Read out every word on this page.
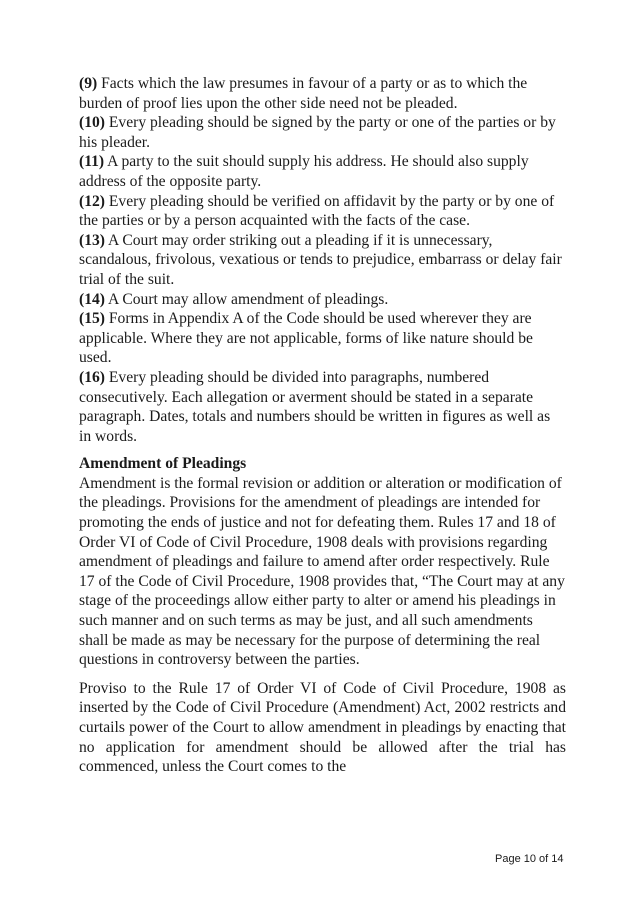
(9) Facts which the law presumes in favour of a party or as to which the burden of proof lies upon the other side need not be pleaded.
(10) Every pleading should be signed by the party or one of the parties or by his pleader.
(11) A party to the suit should supply his address. He should also supply address of the opposite party.
(12) Every pleading should be verified on affidavit by the party or by one of the parties or by a person acquainted with the facts of the case.
(13) A Court may order striking out a pleading if it is unnecessary, scandalous, frivolous, vexatious or tends to prejudice, embarrass or delay fair trial of the suit.
(14) A Court may allow amendment of pleadings.
(15) Forms in Appendix A of the Code should be used wherever they are applicable. Where they are not applicable, forms of like nature should be used.
(16) Every pleading should be divided into paragraphs, numbered consecutively. Each allegation or averment should be stated in a separate paragraph. Dates, totals and numbers should be written in figures as well as in words.
Amendment of Pleadings

Amendment is the formal revision or addition or alteration or modification of the pleadings. Provisions for the amendment of pleadings are intended for promoting the ends of justice and not for defeating them. Rules 17 and 18 of Order VI of Code of Civil Procedure, 1908 deals with provisions regarding amendment of pleadings and failure to amend after order respectively. Rule 17 of the Code of Civil Procedure, 1908 provides that, “The Court may at any stage of the proceedings allow either party to alter or amend his pleadings in such manner and on such terms as may be just, and all such amendments shall be made as may be necessary for the purpose of determining the real questions in controversy between the parties.

Proviso to the Rule 17 of Order VI of Code of Civil Procedure, 1908 as inserted by the Code of Civil Procedure (Amendment) Act, 2002 restricts and curtails power of the Court to allow amendment in pleadings by enacting that no application for amendment should be allowed after the trial has commenced, unless the Court comes to the

Page 10 of 14
